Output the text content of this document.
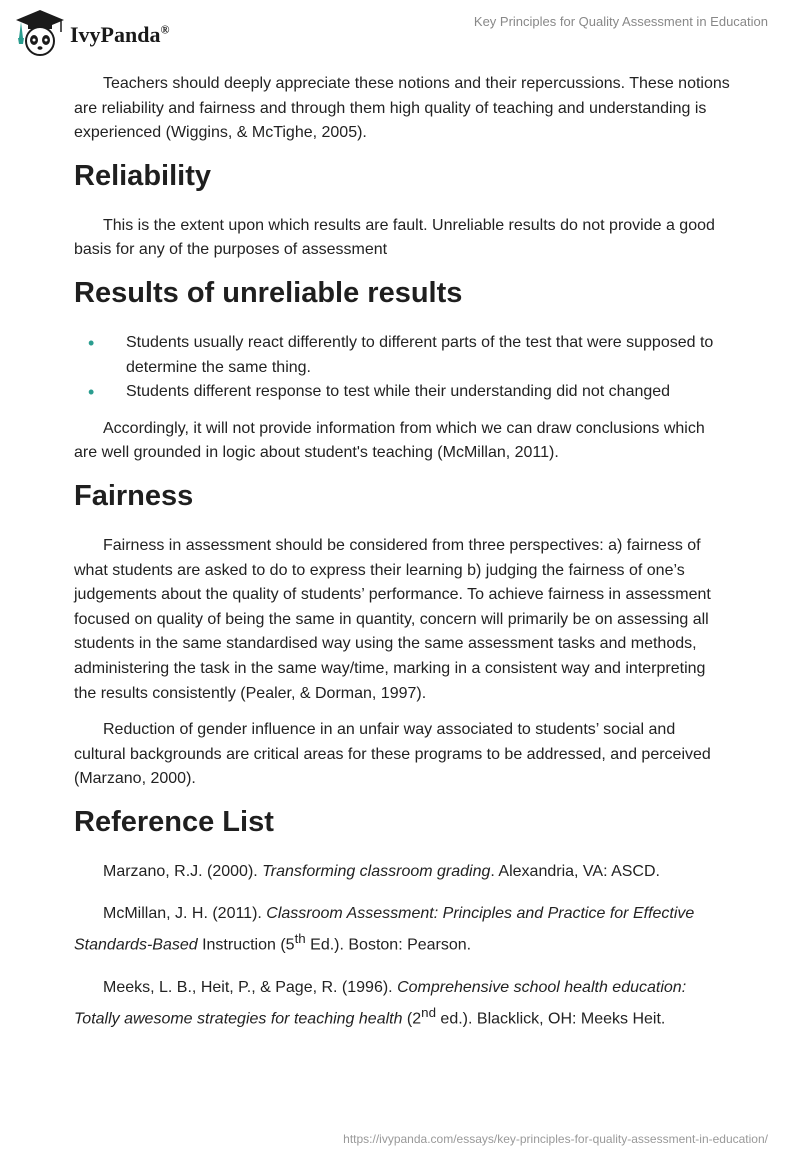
IvyPanda®
Key Principles for Quality Assessment in Education

Teachers should deeply appreciate these notions and their repercussions. These notions are reliability and fairness and through them high quality of teaching and understanding is experienced (Wiggins, & McTighe, 2005).

Reliability

This is the extent upon which results are fault. Unreliable results do not provide a good basis for any of the purposes of assessment

Results of unreliable results
• Students usually react differently to different parts of the test that were supposed to determine the same thing.
• Students different response to test while their understanding did not changed

Accordingly, it will not provide information from which we can draw conclusions which are well grounded in logic about student's teaching (McMillan, 2011).

Fairness

Fairness in assessment should be considered from three perspectives: a) fairness of what students are asked to do to express their learning b) judging the fairness of one’s judgements about the quality of students’ performance. To achieve fairness in assessment focused on quality of being the same in quantity, concern will primarily be on assessing all students in the same standardised way using the same assessment tasks and methods, administering the task in the same way/time, marking in a consistent way and interpreting the results consistently (Pealer, & Dorman, 1997).

Reduction of gender influence in an unfair way associated to students’ social and cultural backgrounds are critical areas for these programs to be addressed, and perceived (Marzano, 2000).

Reference List

Marzano, R.J. (2000). Transforming classroom grading. Alexandria, VA: ASCD.

McMillan, J. H. (2011). Classroom Assessment: Principles and Practice for Effective Standards-Based Instruction (5th Ed.). Boston: Pearson.

Meeks, L. B., Heit, P., & Page, R. (1996). Comprehensive school health education: Totally awesome strategies for teaching health (2nd ed.). Blacklick, OH: Meeks Heit.

https://ivypanda.com/essays/key-principles-for-quality-assessment-in-education/
